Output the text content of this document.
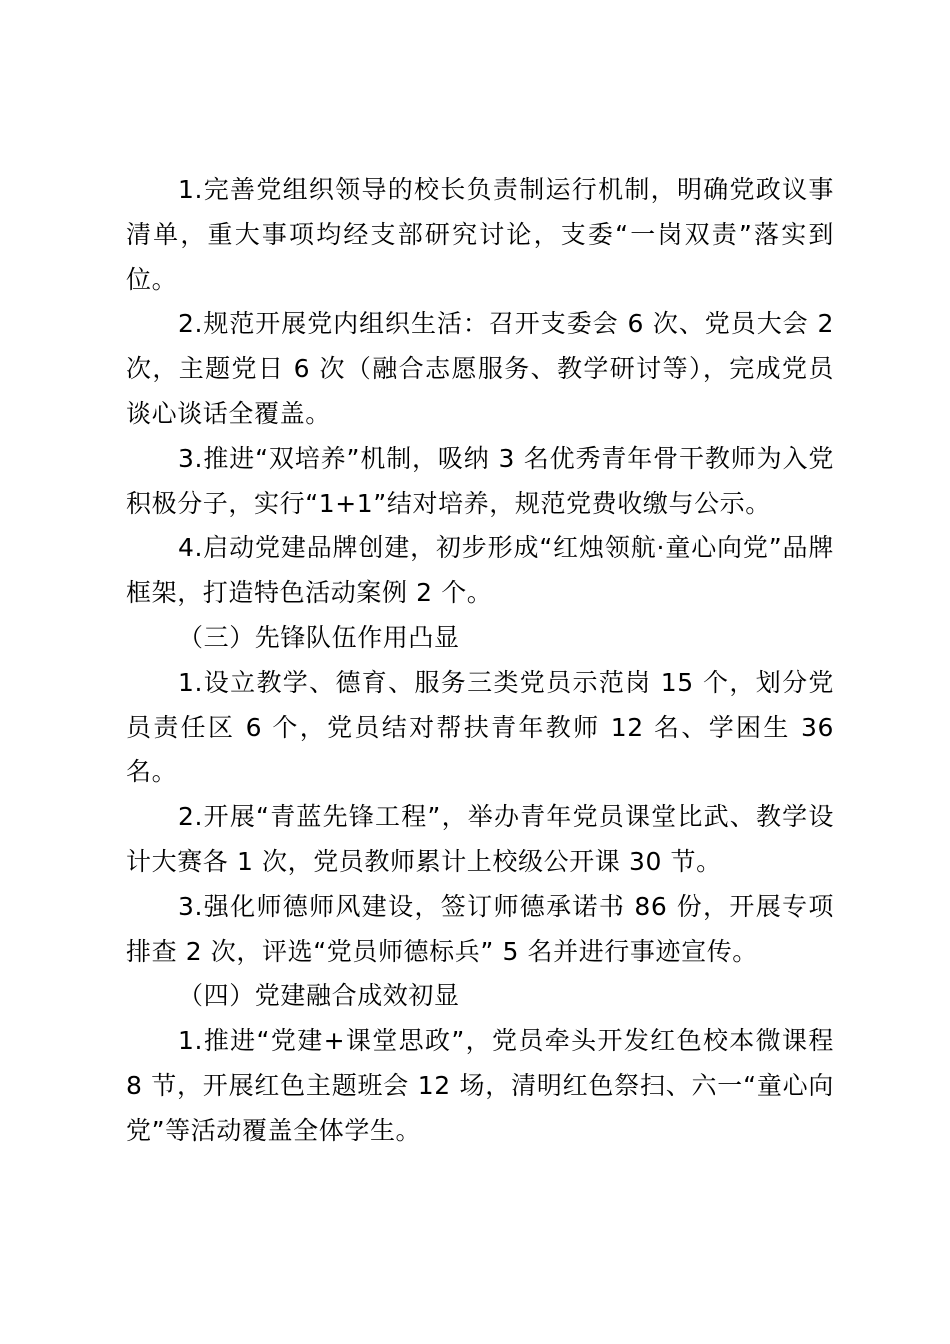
1.完善党组织领导的校长负责制运行机制，明确党政议事清单，重大事项均经支部研究讨论，支委“一岗双责”落实到位。

2.规范开展党内组织生活：召开支委会 6 次、党员大会 2 次，主题党日 6 次（融合志愿服务、教学研讨等），完成党员谈心谈话全覆盖。

3.推进“双培养”机制，吸纳 3 名优秀青年骨干教师为入党积极分子，实行“1+1”结对培养，规范党费收缴与公示。

4.启动党建品牌创建，初步形成“红烛领航·童心向党”品牌框架，打造特色活动案例 2 个。

（三）先锋队伍作用凸显

1.设立教学、德育、服务三类党员示范岗 15 个，划分党员责任区 6 个，党员结对帮扶青年教师 12 名、学困生 36 名。

2.开展“青蓝先锋工程”，举办青年党员课堂比武、教学设计大赛各 1 次，党员教师累计上校级公开课 30 节。

3.强化师德师风建设，签订师德承诺书 86 份，开展专项排查 2 次，评选“党员师德标兵” 5 名并进行事迹宣传。

（四）党建融合成效初显

1.推进“党建+课堂思政”，党员牵头开发红色校本微课程 8 节，开展红色主题班会 12 场，清明红色祭扫、六一“童心向党”等活动覆盖全体学生。
